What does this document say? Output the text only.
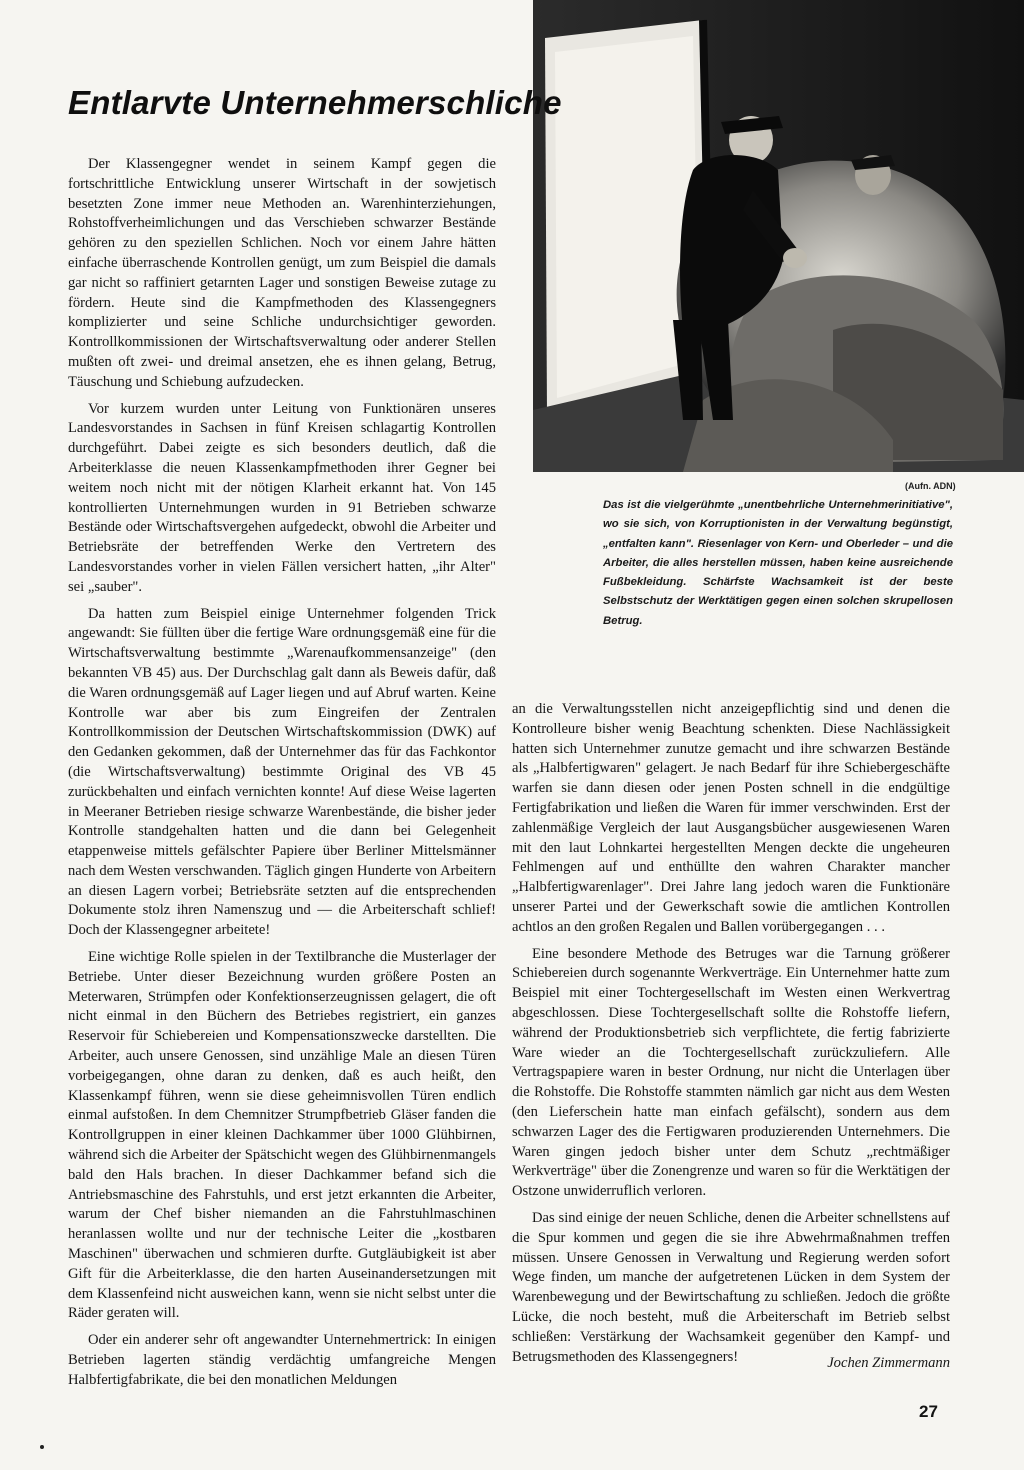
Entlarvte Unternehmerschliche

Der Klassengegner wendet in seinem Kampf gegen die fortschrittliche Entwicklung unserer Wirtschaft in der sowjetisch besetzten Zone immer neue Methoden an. Warenhinterziehungen, Rohstoffverheimlichungen und das Verschieben schwarzer Bestände gehören zu den speziellen Schlichen. Noch vor einem Jahre hätten einfache überraschende Kontrollen genügt, um zum Beispiel die damals gar nicht so raffiniert getarnten Lager und sonstigen Beweise zutage zu fördern. Heute sind die Kampfmethoden des Klassengegners komplizierter und seine Schliche undurchsichtiger geworden. Kontrollkommissionen der Wirtschaftsverwaltung oder anderer Stellen mußten oft zwei- und dreimal ansetzen, ehe es ihnen gelang, Betrug, Täuschung und Schiebung aufzudecken.

Vor kurzem wurden unter Leitung von Funktionären unseres Landesvorstandes in Sachsen in fünf Kreisen schlagartig Kontrollen durchgeführt. Dabei zeigte es sich besonders deutlich, daß die Arbeiterklasse die neuen Klassenkampfmethoden ihrer Gegner bei weitem noch nicht mit der nötigen Klarheit erkannt hat. Von 145 kontrollierten Unternehmungen wurden in 91 Betrieben schwarze Bestände oder Wirtschaftsvergehen aufgedeckt, obwohl die Arbeiter und Betriebsräte der betreffenden Werke den Vertretern des Landesvorstandes vorher in vielen Fällen versichert hatten, „ihr Alter" sei „sauber".

Da hatten zum Beispiel einige Unternehmer folgenden Trick angewandt: Sie füllten über die fertige Ware ordnungsgemäß eine für die Wirtschaftsverwaltung bestimmte „Warenaufkommensanzeige" (den bekannten VB 45) aus. Der Durchschlag galt dann als Beweis dafür, daß die Waren ordnungsgemäß auf Lager liegen und auf Abruf warten. Keine Kontrolle war aber bis zum Eingreifen der Zentralen Kontrollkommission der Deutschen Wirtschaftskommission (DWK) auf den Gedanken gekommen, daß der Unternehmer das für das Fachkontor (die Wirtschaftsverwaltung) bestimmte Original des VB 45 zurückbehalten und einfach vernichten konnte! Auf diese Weise lagerten in Meeraner Betrieben riesige schwarze Warenbestände, die bisher jeder Kontrolle standgehalten hatten und die dann bei Gelegenheit etappenweise mittels gefälschter Papiere über Berliner Mittelsmänner nach dem Westen verschwanden. Täglich gingen Hunderte von Arbeitern an diesen Lagern vorbei; Betriebsräte setzten auf die entsprechenden Dokumente stolz ihren Namenszug und — die Arbeiterschaft schlief! Doch der Klassengegner arbeitete!

Eine wichtige Rolle spielen in der Textilbranche die Musterlager der Betriebe. Unter dieser Bezeichnung wurden größere Posten an Meterwaren, Strümpfen oder Konfektionserzeugnissen gelagert, die oft nicht einmal in den Büchern des Betriebes registriert, ein ganzes Reservoir für Schiebereien und Kompensationszwecke darstellten. Die Arbeiter, auch unsere Genossen, sind unzählige Male an diesen Türen vorbeigegangen, ohne daran zu denken, daß es auch heißt, den Klassenkampf führen, wenn sie diese geheimnisvollen Türen endlich einmal aufstoßen. In dem Chemnitzer Strumpfbetrieb Gläser fanden die Kontrollgruppen in einer kleinen Dachkammer über 1000 Glühbirnen, während sich die Arbeiter der Spätschicht wegen des Glühbirnenmangels bald den Hals brachen. In dieser Dachkammer befand sich die Antriebsmaschine des Fahrstuhls, und erst jetzt erkannten die Arbeiter, warum der Chef bisher niemanden an die Fahrstuhlmaschinen heranlassen wollte und nur der technische Leiter die „kostbaren Maschinen" überwachen und schmieren durfte. Gutgläubigkeit ist aber Gift für die Arbeiterklasse, die den harten Auseinandersetzungen mit dem Klassenfeind nicht ausweichen kann, wenn sie nicht selbst unter die Räder geraten will.

Oder ein anderer sehr oft angewandter Unternehmertrick: In einigen Betrieben lagerten ständig verdächtig umfangreiche Mengen Halbfertigfabrikate, die bei den monatlichen Meldungen

(Aufn. ADN)
Das ist die vielgerühmte „unentbehrliche Unternehmerinitiative", wo sie sich, von Korruptionisten in der Verwaltung begünstigt, „entfalten kann". Riesenlager von Kern- und Oberleder – und die Arbeiter, die alles herstellen müssen, haben keine ausreichende Fußbekleidung. Schärfste Wachsamkeit ist der beste Selbstschutz der Werktätigen gegen einen solchen skrupellosen Betrug.

an die Verwaltungsstellen nicht anzeigepflichtig sind und denen die Kontrolleure bisher wenig Beachtung schenkten. Diese Nachlässigkeit hatten sich Unternehmer zunutze gemacht und ihre schwarzen Bestände als „Halbfertigwaren" gelagert. Je nach Bedarf für ihre Schiebergeschäfte warfen sie dann diesen oder jenen Posten schnell in die endgültige Fertigfabrikation und ließen die Waren für immer verschwinden. Erst der zahlenmäßige Vergleich der laut Ausgangsbücher ausgewiesenen Waren mit den laut Lohnkartei hergestellten Mengen deckte die ungeheuren Fehlmengen auf und enthüllte den wahren Charakter mancher „Halbfertigwarenlager". Drei Jahre lang jedoch waren die Funktionäre unserer Partei und der Gewerkschaft sowie die amtlichen Kontrollen achtlos an den großen Regalen und Ballen vorübergegangen . . .

Eine besondere Methode des Betruges war die Tarnung größerer Schiebereien durch sogenannte Werkverträge. Ein Unternehmer hatte zum Beispiel mit einer Tochtergesellschaft im Westen einen Werkvertrag abgeschlossen. Diese Tochtergesellschaft sollte die Rohstoffe liefern, während der Produktionsbetrieb sich verpflichtete, die fertig fabrizierte Ware wieder an die Tochtergesellschaft zurückzuliefern. Alle Vertragspapiere waren in bester Ordnung, nur nicht die Unterlagen über die Rohstoffe. Die Rohstoffe stammten nämlich gar nicht aus dem Westen (den Lieferschein hatte man einfach gefälscht), sondern aus dem schwarzen Lager des die Fertigwaren produzierenden Unternehmers. Die Waren gingen jedoch bisher unter dem Schutz „rechtmäßiger Werkverträge" über die Zonengrenze und waren so für die Werktätigen der Ostzone unwiderruflich verloren.

Das sind einige der neuen Schliche, denen die Arbeiter schnellstens auf die Spur kommen und gegen die sie ihre Abwehrmaßnahmen treffen müssen. Unsere Genossen in Verwaltung und Regierung werden sofort Wege finden, um manche der aufgetretenen Lücken in dem System der Warenbewegung und der Bewirtschaftung zu schließen. Jedoch die größte Lücke, die noch besteht, muß die Arbeiterschaft im Betrieb selbst schließen: Verstärkung der Wachsamkeit gegenüber den Kampf- und Betrugsmethoden des Klassengegners!	Jochen Zimmermann
27
